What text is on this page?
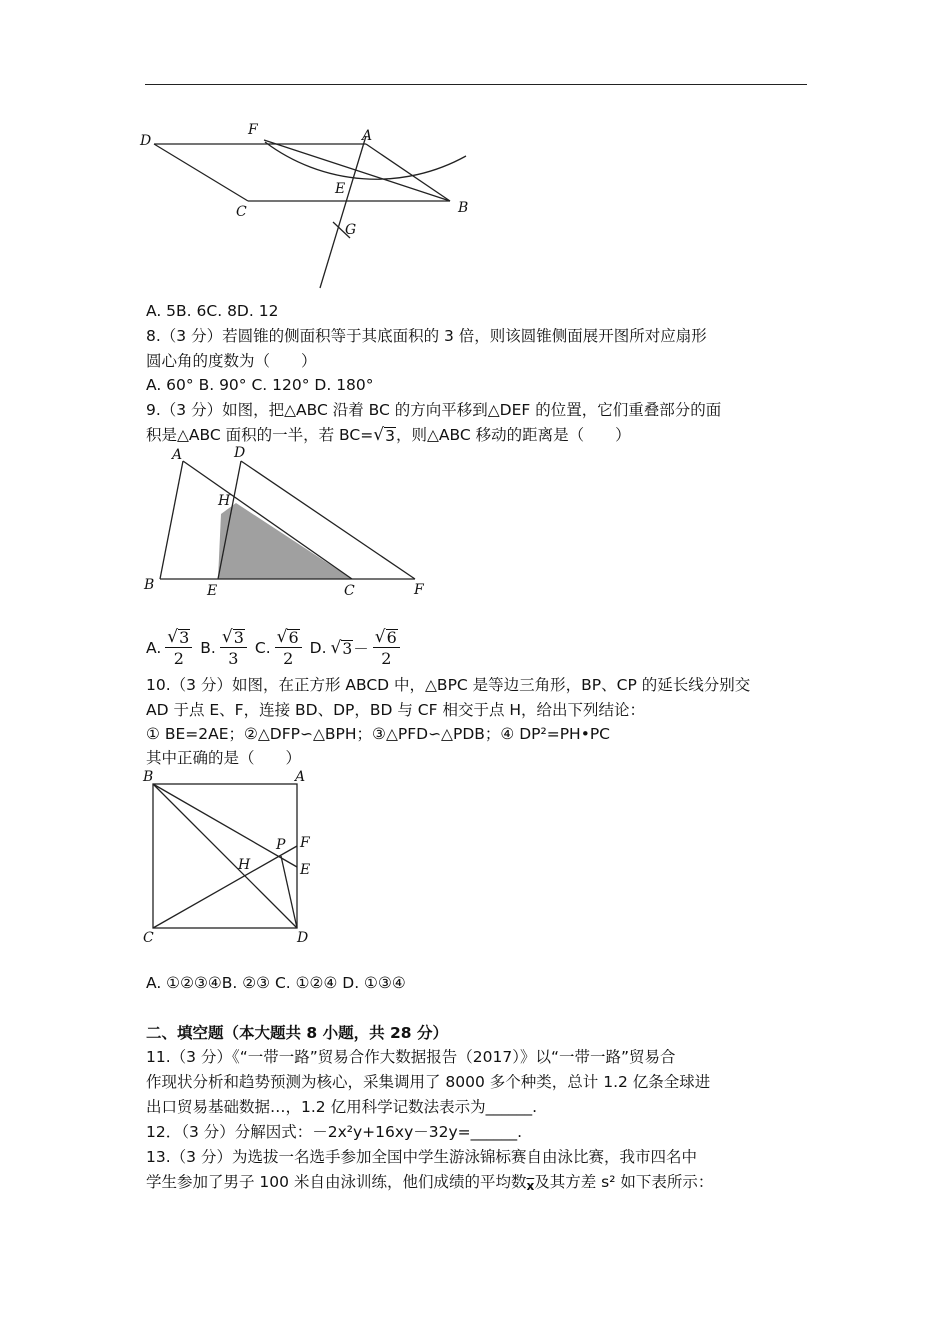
D
F	A
E
C	B
G
A. 5B. 6C. 8D. 12
8.（3 分）若圆锥的侧面积等于其底面积的 3 倍，则该圆锥侧面展开图所对应扇形
圆心角的度数为（　　）
A. 60° B. 90° C. 120° D. 180°
9.（3 分）如图，把△ABC 沿着 BC 的方向平移到△DEF 的位置，它们重叠部分的面
积是△ABC 面积的一半，若 BC= √ 3 ，则△ABC 移动的距离是（　　）
A	D
H
B	E	C	F
A. $\frac{√ 3}{2} B$. $\frac{√ 3}{3} C$. $\frac{√ 6}{2} D$. √ $3 - \frac{√ 6}{2}$
10.（3 分）如图，在正方形 ABCD 中，△BPC 是等边三角形，BP、CP 的延长线分别交
AD 于点 E、F，连接 BD、DP，BD 与 CF 相交于点 H，给出下列结论：
① BE=2AE；②△DFP∽△BPH；③△PFD∽△PDB；④ DP²=PH•PC
其中正确的是（　　）
B	A
P F
H	E
C	D
A. ①②③④B. ②③ C. ①②④ D. ①③④
二、填空题（本大题共 8 小题，共 28 分）
11.（3 分）《“一带一路”贸易合作大数据报告（2017）》以“一带一路”贸易合
作现状分析和趋势预测为核心，采集调用了 8000 多个种类，总计 1.2 亿条全球进
出口贸易基础数据…，1.2 亿用科学记数法表示为______.
12．（3 分）分解因式：－2x²y+16xy－32y=______.
13.（3 分）为选拔一名选手参加全国中学生游泳锦标赛自由泳比赛，我市四名中
学生参加了男子 100 米自由泳训练，他们成绩的平均数$\overline{x}$及其方差 s² 如下表所示：
